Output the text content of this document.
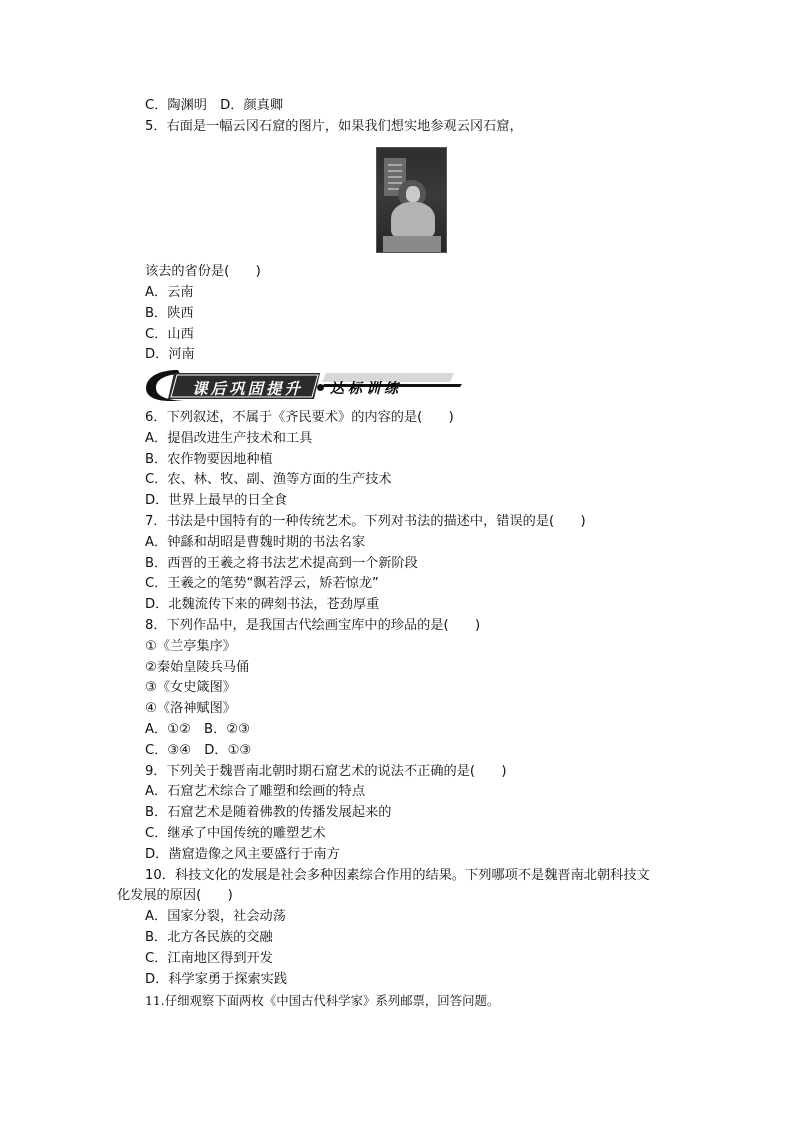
C．陶渊明　D．颜真卿
5．右面是一幅云冈石窟的图片，如果我们想实地参观云冈石窟，
该去的省份是(　　)
A．云南
B．陕西
C．山西
D．河南
课后巩固提升 达标训练
6．下列叙述，不属于《齐民要术》的内容的是(　　)
A．提倡改进生产技术和工具
B．农作物要因地种植
C．农、林、牧、副、渔等方面的生产技术
D．世界上最早的日全食
7．书法是中国特有的一种传统艺术。下列对书法的描述中，错误的是(　　)
A．钟繇和胡昭是曹魏时期的书法名家
B．西晋的王羲之将书法艺术提高到一个新阶段
C．王羲之的笔势“飘若浮云，矫若惊龙”
D．北魏流传下来的碑刻书法，苍劲厚重
8．下列作品中，是我国古代绘画宝库中的珍品的是(　　)
①《兰亭集序》
②秦始皇陵兵马俑
③《女史箴图》
④《洛神赋图》
A．①②　B．②③
C．③④　D．①③
9．下列关于魏晋南北朝时期石窟艺术的说法不正确的是(　　)
A．石窟艺术综合了雕塑和绘画的特点
B．石窟艺术是随着佛教的传播发展起来的
C．继承了中国传统的雕塑艺术
D．凿窟造像之风主要盛行于南方
10．科技文化的发展是社会多种因素综合作用的结果。下列哪项不是魏晋南北朝科技文
化发展的原因(　　)
A．国家分裂，社会动荡
B．北方各民族的交融
C．江南地区得到开发
D．科学家勇于探索实践
11.仔细观察下面两枚《中国古代科学家》系列邮票，回答问题。
